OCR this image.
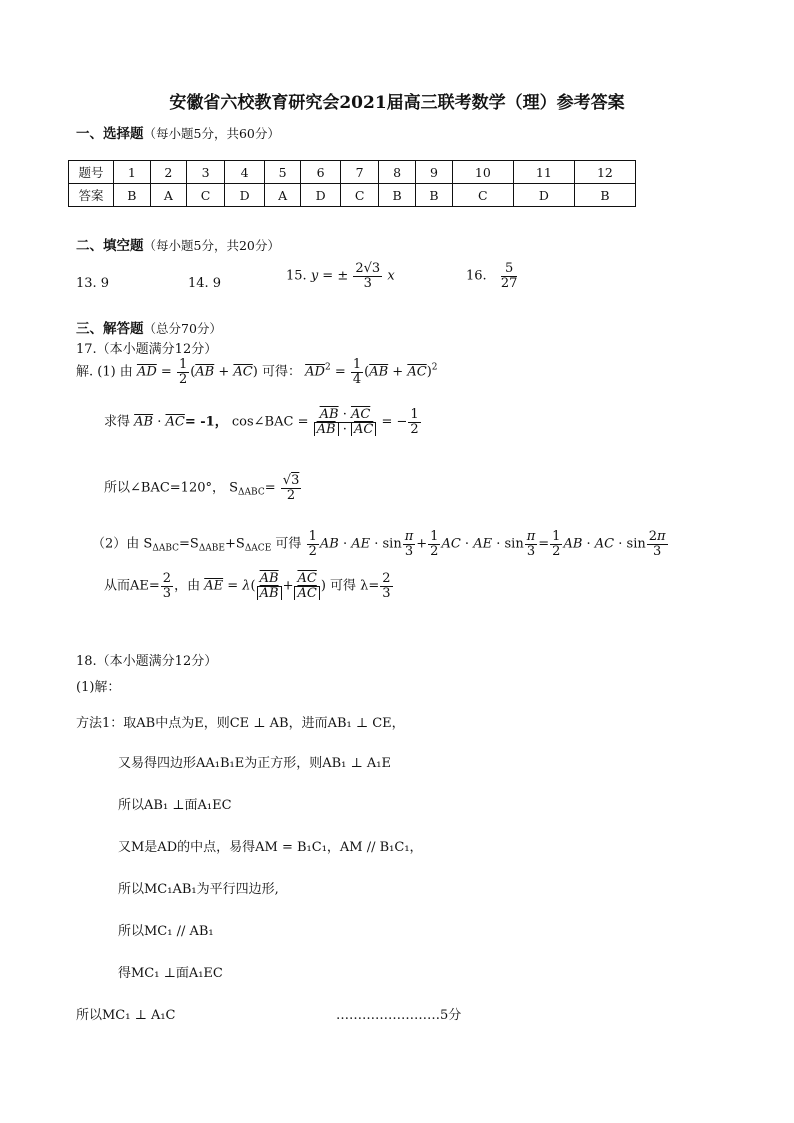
安徽省六校教育研究会2021届高三联考数学（理）参考答案
一、选择题（每小题5分，共60分）
题号	1	2	3	4	5	6	7	8	9	10	11	12
答案	B	A	C	D	A	D	C	B	B	C	D	B
二、填空题（每小题5分，共20分）
13. 9	14. 9	15. y = ± $\frac{2√3}{3}$ x	16. $\frac{5}{27}$
三、解答题（总分70分）
17.（本小题满分12分）
解. (1) 由 $\overline{AD} = \frac{1}{2} (\overline{AB} + \overline{AC})$ 可得： $\overline{AD}^2 = \frac{1}{4} (\overline{AB} + \overline{AC})^2$
求得 $\overline{AB} \cdot \overline{AC}= -1$， cos∠BAC = $\frac{\overline{AB} \cdot \overline{AC}}{\overline{AB} \cdot \overline{AC}}$ = − $\frac{1}{2}$
所以∠BAC=120°， $S_{\Delta ABC}= \frac{√3}{2}$
（2）由 $S_{\Delta ABC}=S_{\Delta ABE}+S_{\Delta ACE}$ 可得 $\frac{1}{2}$ AB · AE · $\sin \frac{\pi}{3} + \frac{1}{2}$ AC · AE · $\sin \frac{\pi}{3} = \frac{1}{2}$ AB · AC · $\sin \frac{2\pi}{3}$
从而$AE= \frac{2}{3}$ ，由 $\overline{AE} = \lambda( \frac{\overline{AB}}{AB} + \frac{\overline{AC}}{AC}$ ) 可得 $\lambda= \frac{2}{3}$
18.（本小题满分12分）
(1)解：
方法1：取AB中点为E，则CE ⊥ AB，进而AB₁ ⊥ CE，
又易得四边形AA₁B₁E为正方形，则AB₁ ⊥ A₁E
所以AB₁ ⊥面A₁EC
又M是AD的中点，易得AM = B₁C₁，AM // B₁C₁，
所以MC₁AB₁为平行四边形,
所以MC₁ // AB₁
得MC₁ ⊥面A₁EC
所以MC₁ ⊥ A₁C	……………………5分
